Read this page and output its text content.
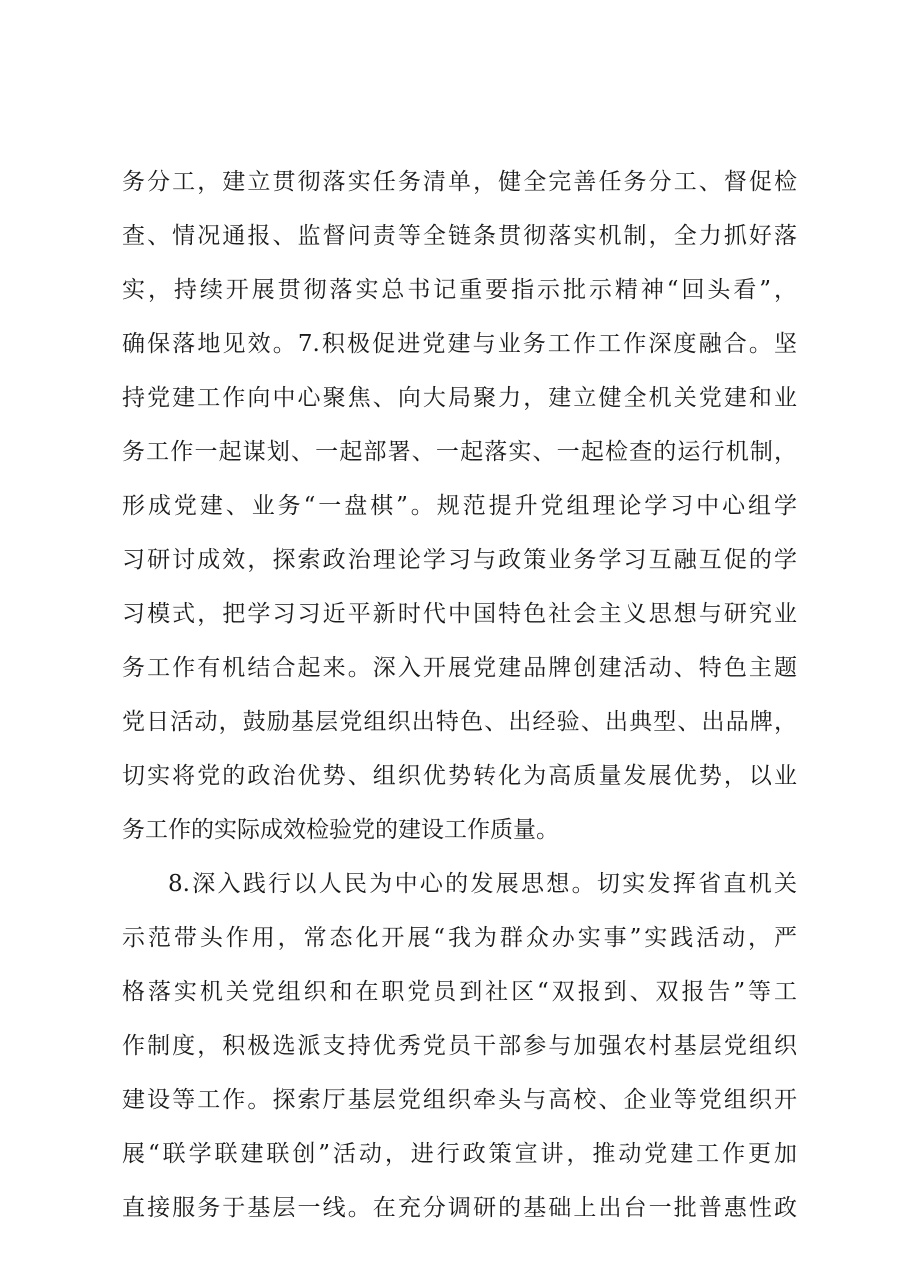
务分工，建立贯彻落实任务清单，健全完善任务分工、督促检
查、情况通报、监督问责等全链条贯彻落实机制，全力抓好落
实，持续开展贯彻落实总书记重要指示批示精神“回头看”，
确保落地见效。7.积极促进党建与业务工作工作深度融合。坚
持党建工作向中心聚焦、向大局聚力，建立健全机关党建和业
务工作一起谋划、一起部署、一起落实、一起检查的运行机制，
形成党建、业务“一盘棋”。规范提升党组理论学习中心组学
习研讨成效，探索政治理论学习与政策业务学习互融互促的学
习模式，把学习习近平新时代中国特色社会主义思想与研究业
务工作有机结合起来。深入开展党建品牌创建活动、特色主题
党日活动，鼓励基层党组织出特色、出经验、出典型、出品牌，
切实将党的政治优势、组织优势转化为高质量发展优势，以业
务工作的实际成效检验党的建设工作质量。
8.深入践行以人民为中心的发展思想。切实发挥省直机关
示范带头作用，常态化开展“我为群众办实事”实践活动，严
格落实机关党组织和在职党员到社区“双报到、双报告”等工
作制度，积极选派支持优秀党员干部参与加强农村基层党组织
建设等工作。探索厅基层党组织牵头与高校、企业等党组织开
展“联学联建联创”活动，进行政策宣讲，推动党建工作更加
直接服务于基层一线。在充分调研的基础上出台一批普惠性政
